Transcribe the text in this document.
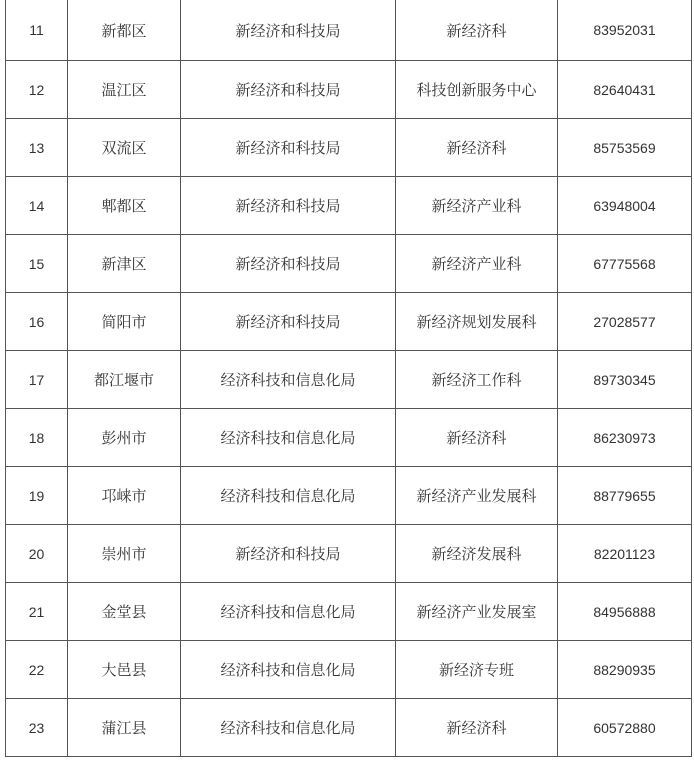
11	新都区	新经济和科技局	新经济科	83952031
12	温江区	新经济和科技局	科技创新服务中心	82640431
13	双流区	新经济和科技局	新经济科	85753569
14	郫都区	新经济和科技局	新经济产业科	63948004
15	新津区	新经济和科技局	新经济产业科	67775568
16	简阳市	新经济和科技局	新经济规划发展科	27028577
17	都江堰市	经济科技和信息化局	新经济工作科	89730345
18	彭州市	经济科技和信息化局	新经济科	86230973
19	邛崃市	经济科技和信息化局	新经济产业发展科	88779655
20	崇州市	新经济和科技局	新经济发展科	82201123
21	金堂县	经济科技和信息化局	新经济产业发展室	84956888
22	大邑县	经济科技和信息化局	新经济专班	88290935
23	蒲江县	经济科技和信息化局	新经济科	60572880
